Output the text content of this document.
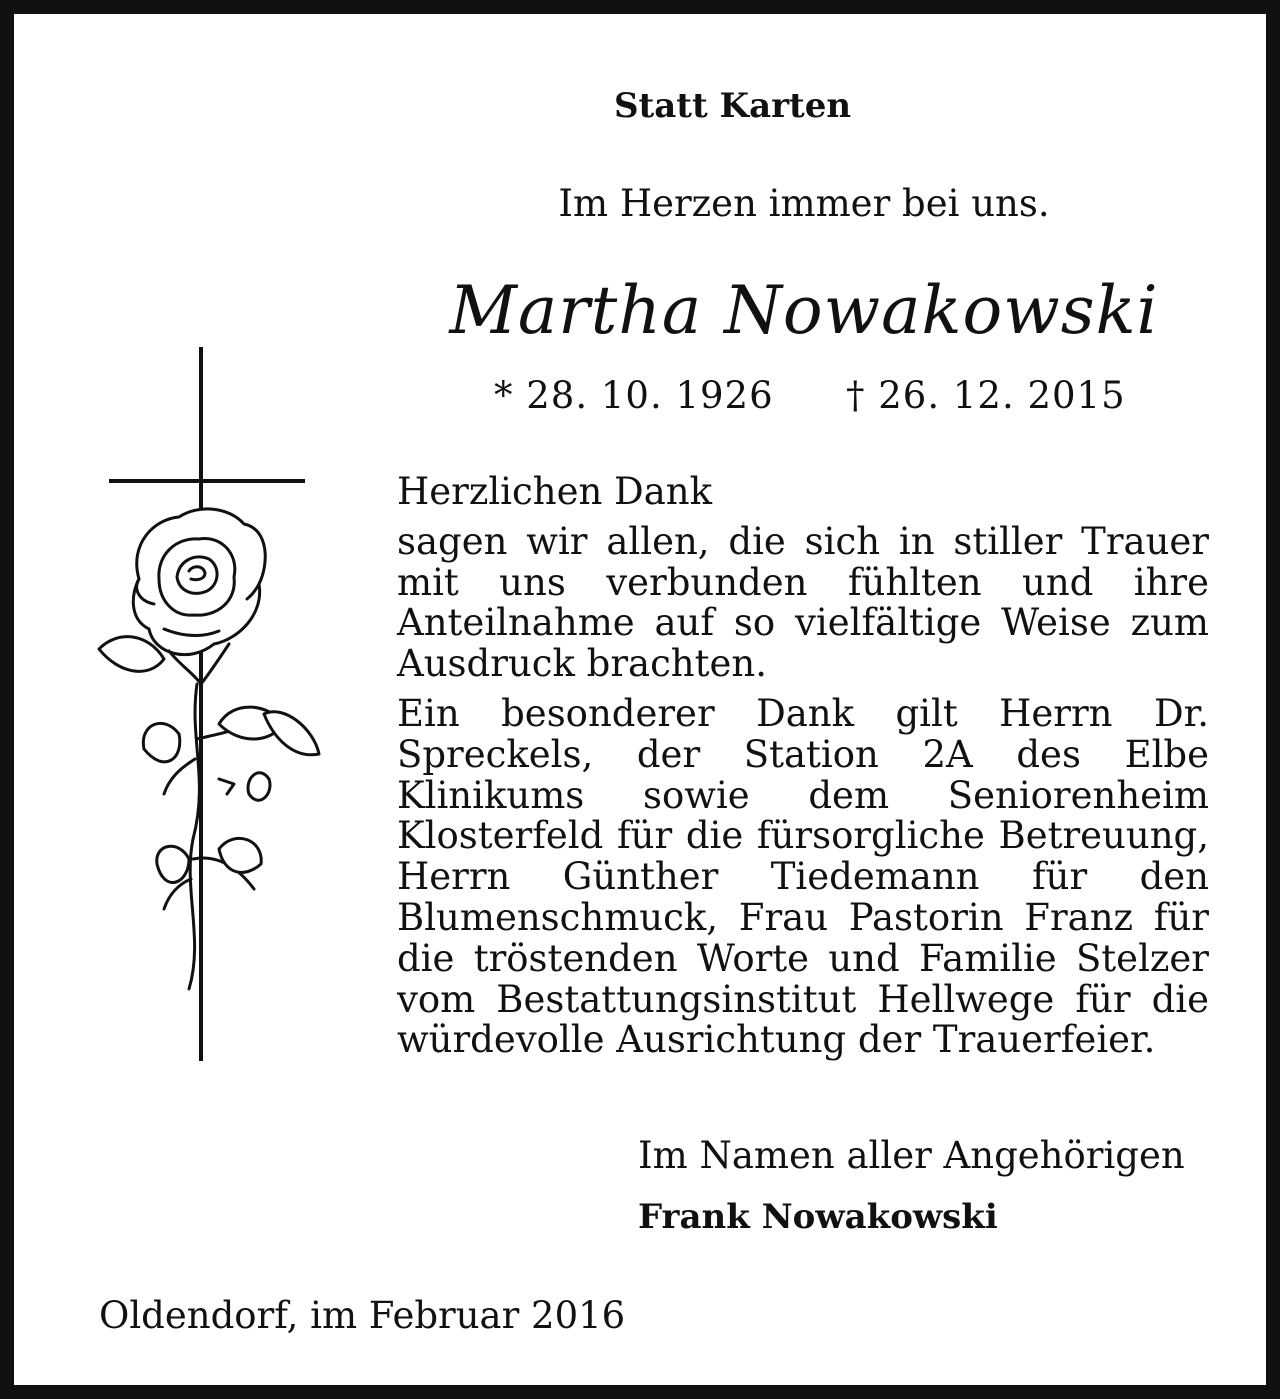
Statt Karten
Im Herzen immer bei uns.
Martha Nowakowski
* 28. 10. 1926 † 26. 12. 2015

Herzlichen Dank

sagen wir allen, die sich in stiller Trauer mit uns verbunden fühlten und ihre Anteilnahme auf so vielfältige Weise zum Ausdruck brachten.

Ein besonderer Dank gilt Herrn Dr. Spreckels, der Station 2A des Elbe Klinikums sowie dem Seniorenheim Klosterfeld für die fürsorgliche Betreuung, Herrn Günther Tiedemann für den Blumenschmuck, Frau Pastorin Franz für die tröstenden Worte und Familie Stelzer vom Bestattungsinstitut Hellwege für die würdevolle Ausrichtung der Trauerfeier.

Im Namen aller Angehörigen
Frank Nowakowski
Oldendorf, im Februar 2016
